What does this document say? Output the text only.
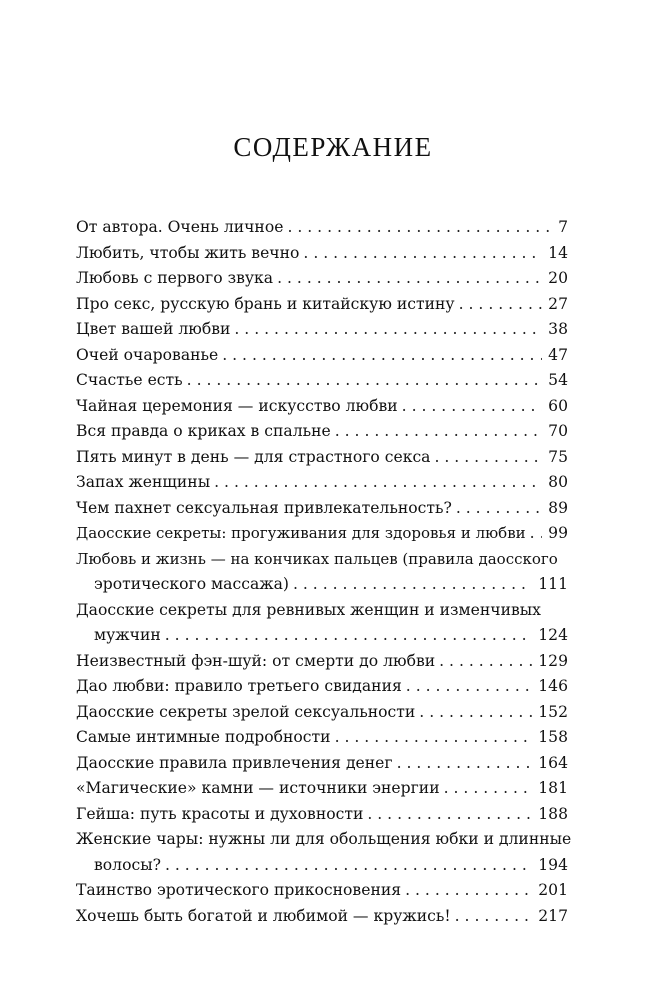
СОДЕРЖАНИЕ
От автора. Очень личное . . .	7
Любить, чтобы жить вечно . . .	14
Любовь с первого звука . . .	20
Про секс, русскую брань и китайскую истину . . .	27
Цвет вашей любви . . .	38
Очей очарованье . . .	47
Счастье есть . . .	54
Чайная церемония — искусство любви . . .	60
Вся правда о криках в спальне . . .	70
Пять минут в день — для страстного секса . . .	75
Запах женщины . . .	80
Чем пахнет сексуальная привлекательность? . . .	89
Даосские секреты: прогуживания для здоровья и любви . . . 99
Любовь и жизнь — на кончиках пальцев (правила даосского
эротического массажа) . . .	111
Даосские секреты для ревнивых женщин и изменчивых
мужчин . . .	124
Неизвестный фэн-шуй: от смерти до любви . . .	129
Дао любви: правило третьего свидания . . .	146
Даосские секреты зрелой сексуальности . . .	152
Самые интимные подробности . . .	158
Даосские правила привлечения денег . . .	164
«Магические» камни — источники энергии . . .	181
Гейша: путь красоты и духовности . . .	188
Женские чары: нужны ли для обольщения юбки и длинные
волосы? . . .	194
Таинство эротического прикосновения . . .	201
Хочешь быть богатой и любимой — кружись! . . .	217
